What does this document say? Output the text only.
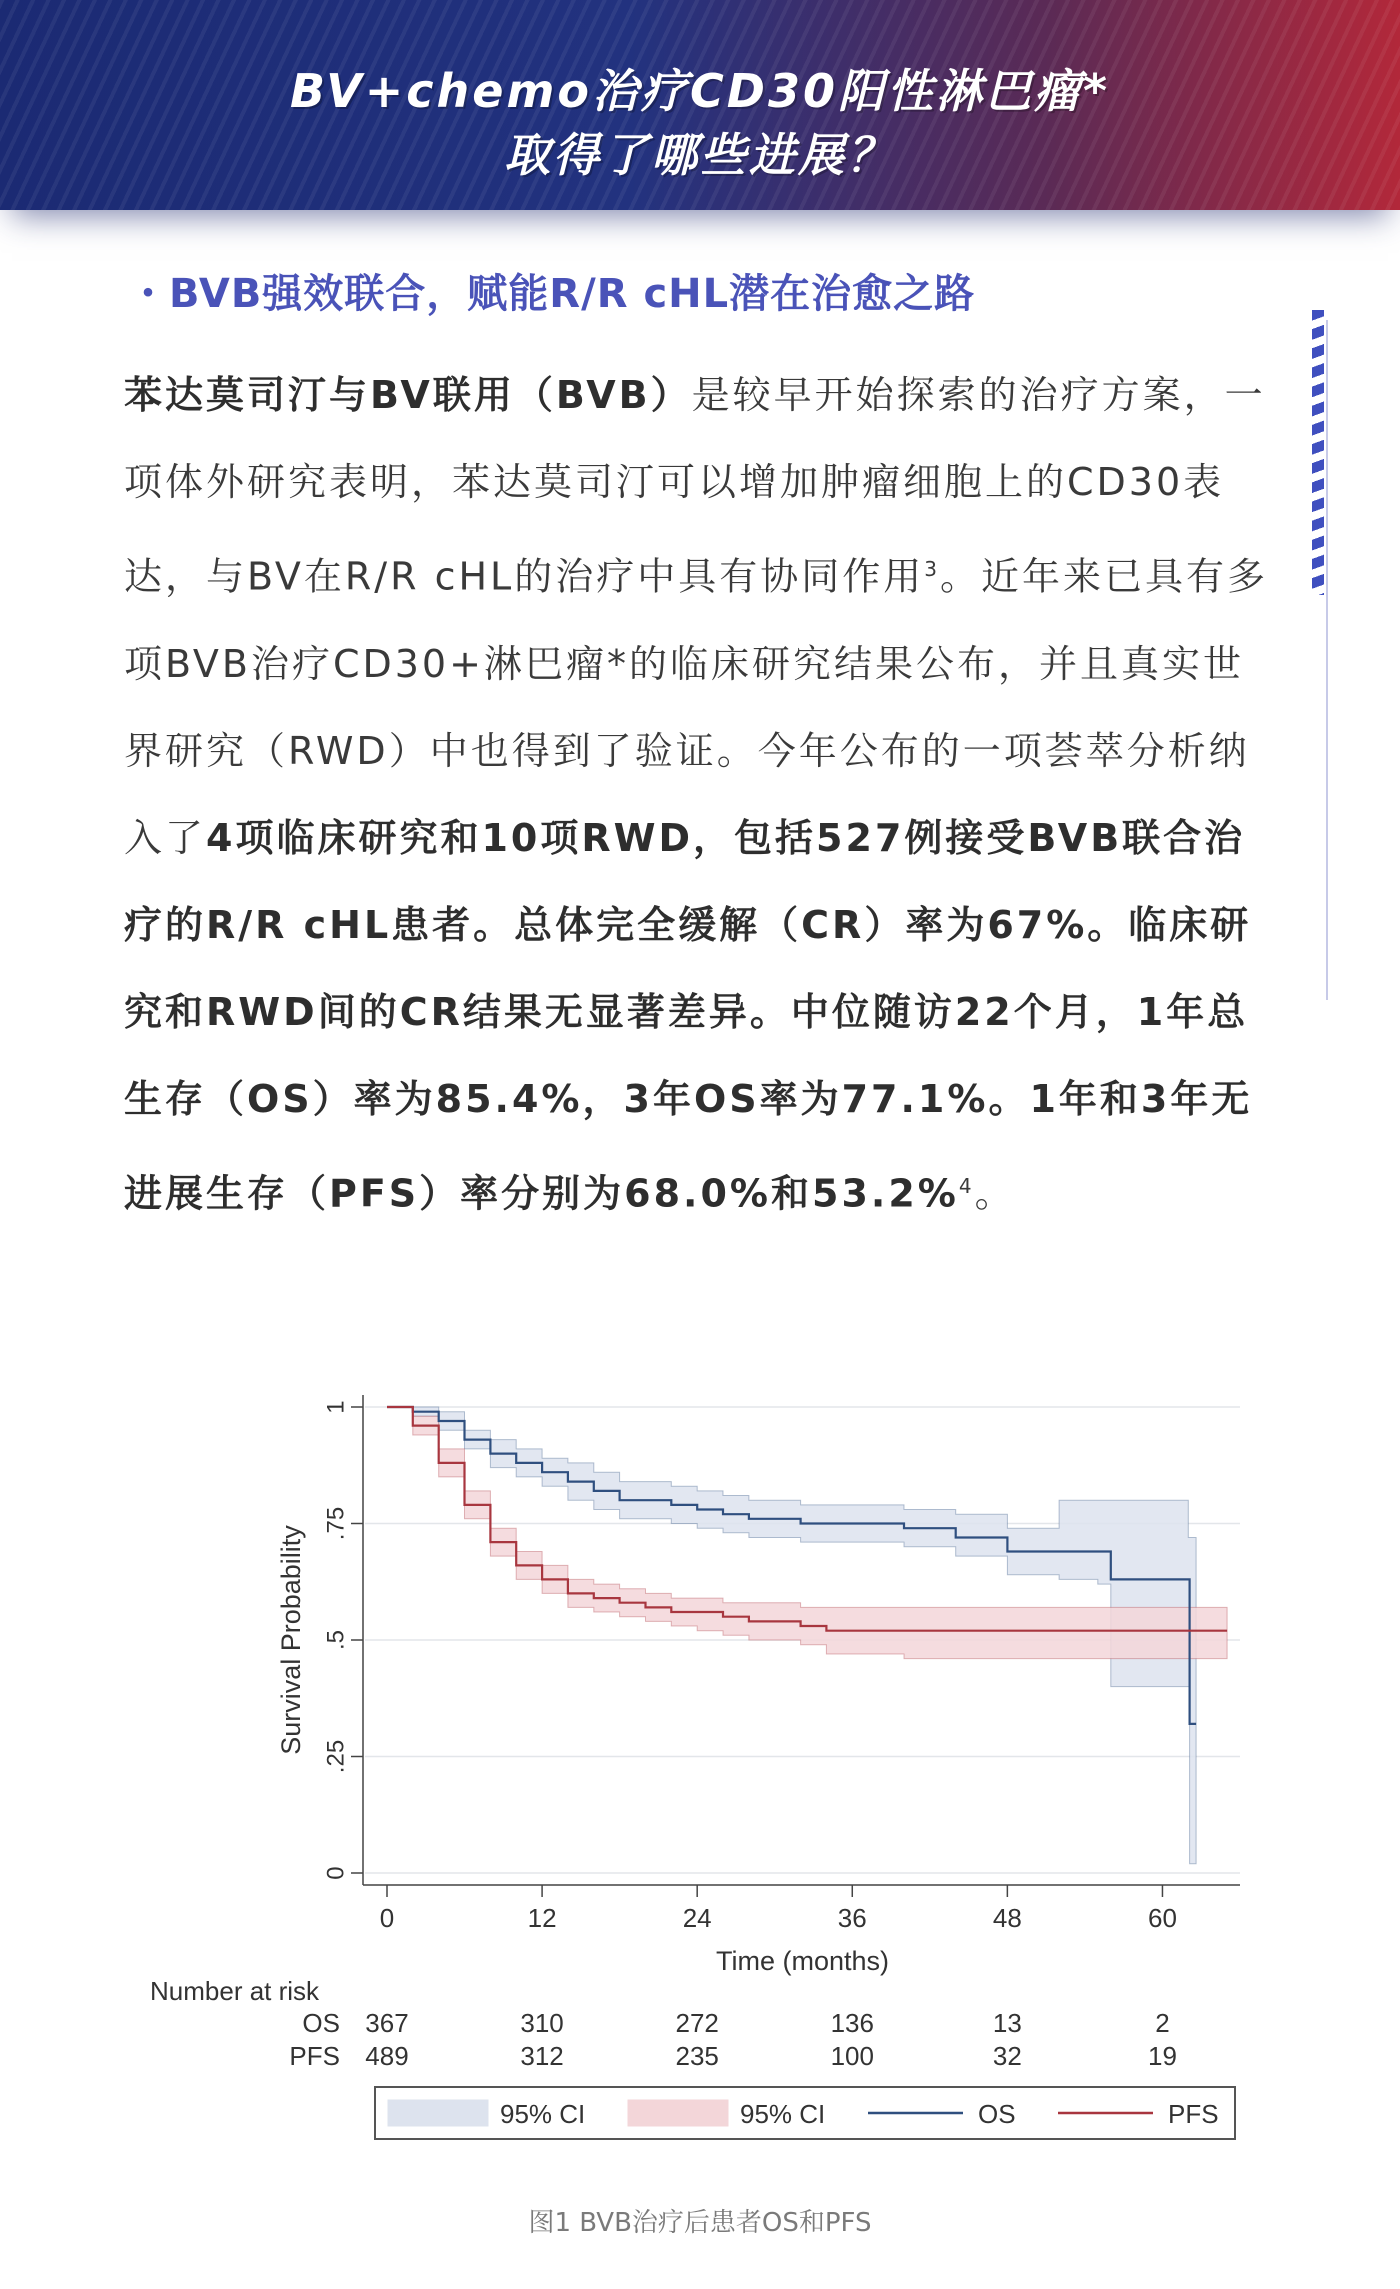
BV+chemo治疗CD30阳性淋巴瘤*
取得了哪些进展？
・BVB强效联合，赋能R/R cHL潜在治愈之路
苯达莫司汀与BV联用（BVB）是较早开始探索的治疗方案，一项体外研究表明，苯达莫司汀可以增加肿瘤细胞上的CD30表达，与BV在R/R cHL的治疗中具有协同作用$^3$。近年来已具有多项BVB治疗CD30+淋巴瘤*的临床研究结果公布，并且真实世界研究（RWD）中也得到了验证。今年公布的一项荟萃分析纳入了4项临床研究和10项RWD，包括527例接受BVB联合治疗的R/R cHL患者。总体完全缓解（CR）率为67%。临床研究和RWD间的CR结果无显著差异。中位随访22个月，1年总生存（OS）率为85.4%，3年OS率为77.1%。1年和3年无进展生存（PFS）率分别为68.0%和53.2%$^4$。
0
.25
.5
.75
1
0	12	24	36	48	60
Time (months)
Survival Probability
Number at risk
OS 367	310	272	136	13	2
PFS 489	312	235	100	32	19
95% CI	95% CI	OS	PFS
图1 BVB治疗后患者OS和PFS
